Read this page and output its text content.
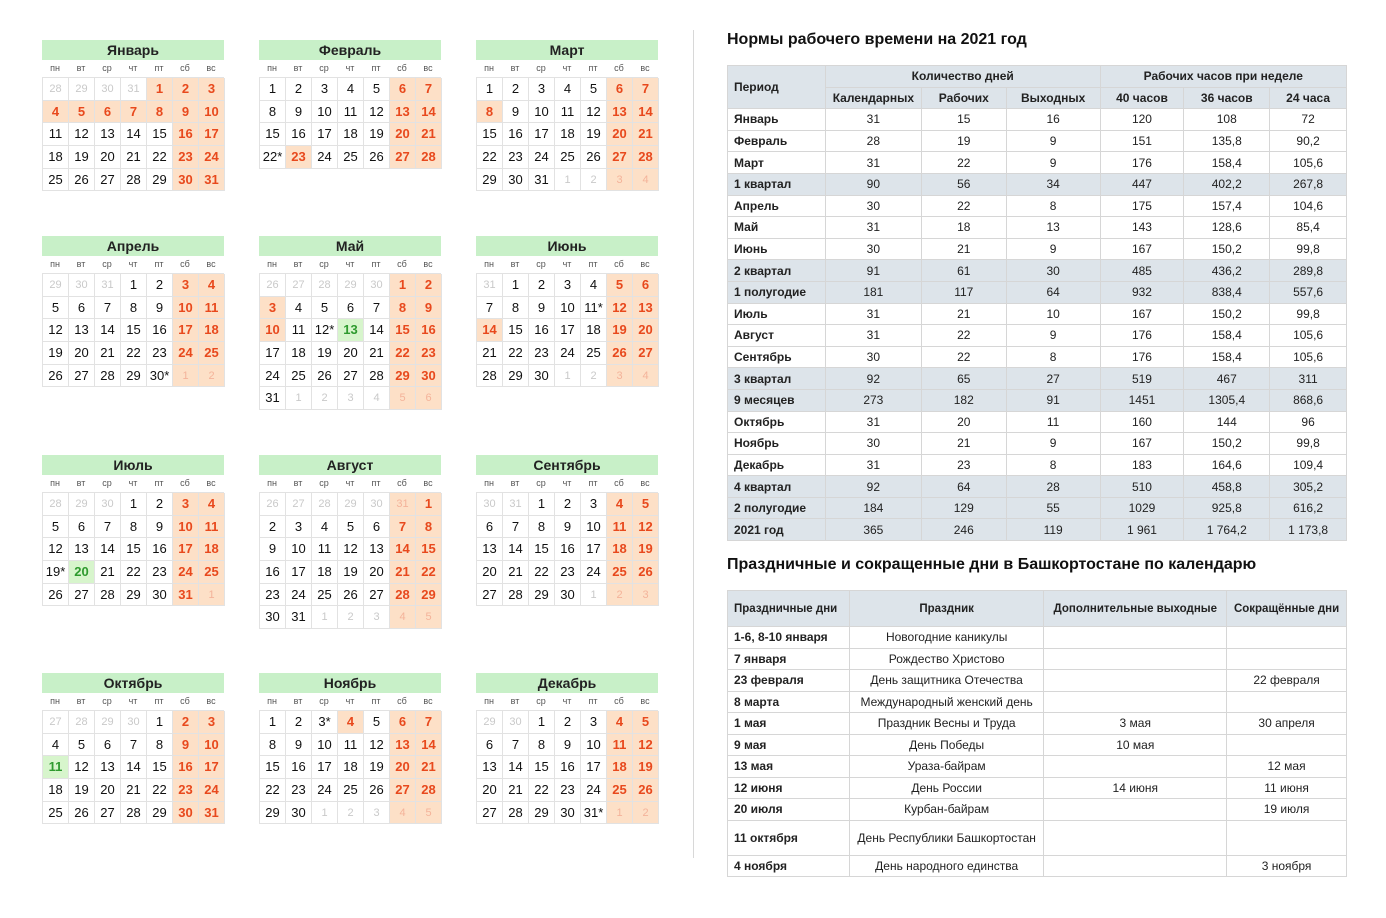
Январь
пн	вт	ср	чт	пт	сб	вс
28	29	30	31	1	2	3
4	5	6	7	8	9	10
11 12 13 14 15 16 17
18 19 20 21 22 23 24
25 26 27 28 29 30 31
Февраль
пн	вт	ср	чт	пт	сб	вс
1	2	3	4	5	6	7
8	9	10 11 12 13 14
15 16 17 18 19 20 21
22* 23 24 25 26 27 28
Март
пн	вт	ср	чт	пт	сб	вс
1	2	3	4	5	6	7
8	9	10 11 12 13 14
15 16 17 18 19 20 21
22 23 24 25 26 27 28
29 30 31	1	2	3	4
Апрель
пн	вт	ср	чт	пт	сб	вс
29	30	31	1	2	3	4
5	6	7	8	9	10 11
12 13 14 15 16 17 18
19 20 21 22 23 24 25
26 27 28 29 30*	1	2
Май
пн	вт	ср	чт	пт	сб	вс
26	27	28	29	30	1	2
3	4	5	6	7	8	9
10 11 12* 13 14 15 16
17 18 19 20 21 22 23
24 25 26 27 28 29 30
31	1	2	3	4	5	6
Июнь
пн	вт	ср	чт	пт	сб	вс
31	1	2	3	4	5	6
7	8	9	10 11* 12 13
14 15 16 17 18 19 20
21 22 23 24 25 26 27
28 29 30	1	2	3	4
Июль
пн	вт	ср	чт	пт	сб	вс
28	29	30	1	2	3	4
5	6	7	8	9	10 11
12 13 14 15 16 17 18
19* 20 21 22 23 24 25
26 27 28 29 30 31	1
Август
пн	вт	ср	чт	пт	сб	вс
26	27	28	29	30	31	1
2	3	4	5	6	7	8
9	10 11 12 13 14 15
16 17 18 19 20 21 22
23 24 25 26 27 28 29
30 31	1	2	3	4	5
Сентябрь
пн	вт	ср	чт	пт	сб	вс
30	31	1	2	3	4	5
6	7	8	9	10 11 12
13 14 15 16 17 18 19
20 21 22 23 24 25 26
27 28 29 30	1	2	3
Октябрь
пн	вт	ср	чт	пт	сб	вс
27	28	29	30	1	2	3
4	5	6	7	8	9	10
11 12 13 14 15 16 17
18 19 20 21 22 23 24
25 26 27 28 29 30 31
Ноябрь
пн	вт	ср	чт	пт	сб	вс
1	2	3*	4	5	6	7
8	9	10 11 12 13 14
15 16 17 18 19 20 21
22 23 24 25 26 27 28
29 30	1	2	3	4	5
Декабрь
пн	вт	ср	чт	пт	сб	вс
29	30	1	2	3	4	5
6	7	8	9	10 11 12
13 14 15 16 17 18 19
20 21 22 23 24 25 26
27 28 29 30 31*	1	2
Нормы рабочего времени на 2021 год
Период	Количество дней			Рабочих часов при неделе		
	Календарных	Рабочих	Выходных	40 часов	36 часов	24 часа
Январь	31	15	16	120	108	72
Февраль	28	19	9	151	135,8	90,2
Март	31	22	9	176	158,4	105,6
1 квартал	90	56	34	447	402,2	267,8
Апрель	30	22	8	175	157,4	104,6
Май	31	18	13	143	128,6	85,4
Июнь	30	21	9	167	150,2	99,8
2 квартал	91	61	30	485	436,2	289,8
1 полугодие	181	117	64	932	838,4	557,6
Июль	31	21	10	167	150,2	99,8
Август	31	22	9	176	158,4	105,6
Сентябрь	30	22	8	176	158,4	105,6
3 квартал	92	65	27	519	467	311
9 месяцев	273	182	91	1451	1305,4	868,6
Октябрь	31	20	11	160	144	96
Ноябрь	30	21	9	167	150,2	99,8
Декабрь	31	23	8	183	164,6	109,4
4 квартал	92	64	28	510	458,8	305,2
2 полугодие	184	129	55	1029	925,8	616,2
2021 год	365	246	119	1 961	1 764,2	1 173,8
Праздничные и сокращенные дни в Башкортостане по календарю
Праздничные дни	Праздник	Дополнительные выходные	Сокращённые дни
1-6, 8-10 января	Новогодние каникулы		
7 января	Рождество Христово		
23 февраля	День защитника Отечества		22 февраля
8 марта	Международный женский день		
1 мая	Праздник Весны и Труда	3 мая	30 апреля
9 мая	День Победы	10 мая	
13 мая	Ураза-байрам		12 мая
12 июня	День России	14 июня	11 июня
20 июля	Курбан-байрам		19 июля
11 октября	День Республики Башкортостан		
4 ноября	День народного единства		3 ноября
